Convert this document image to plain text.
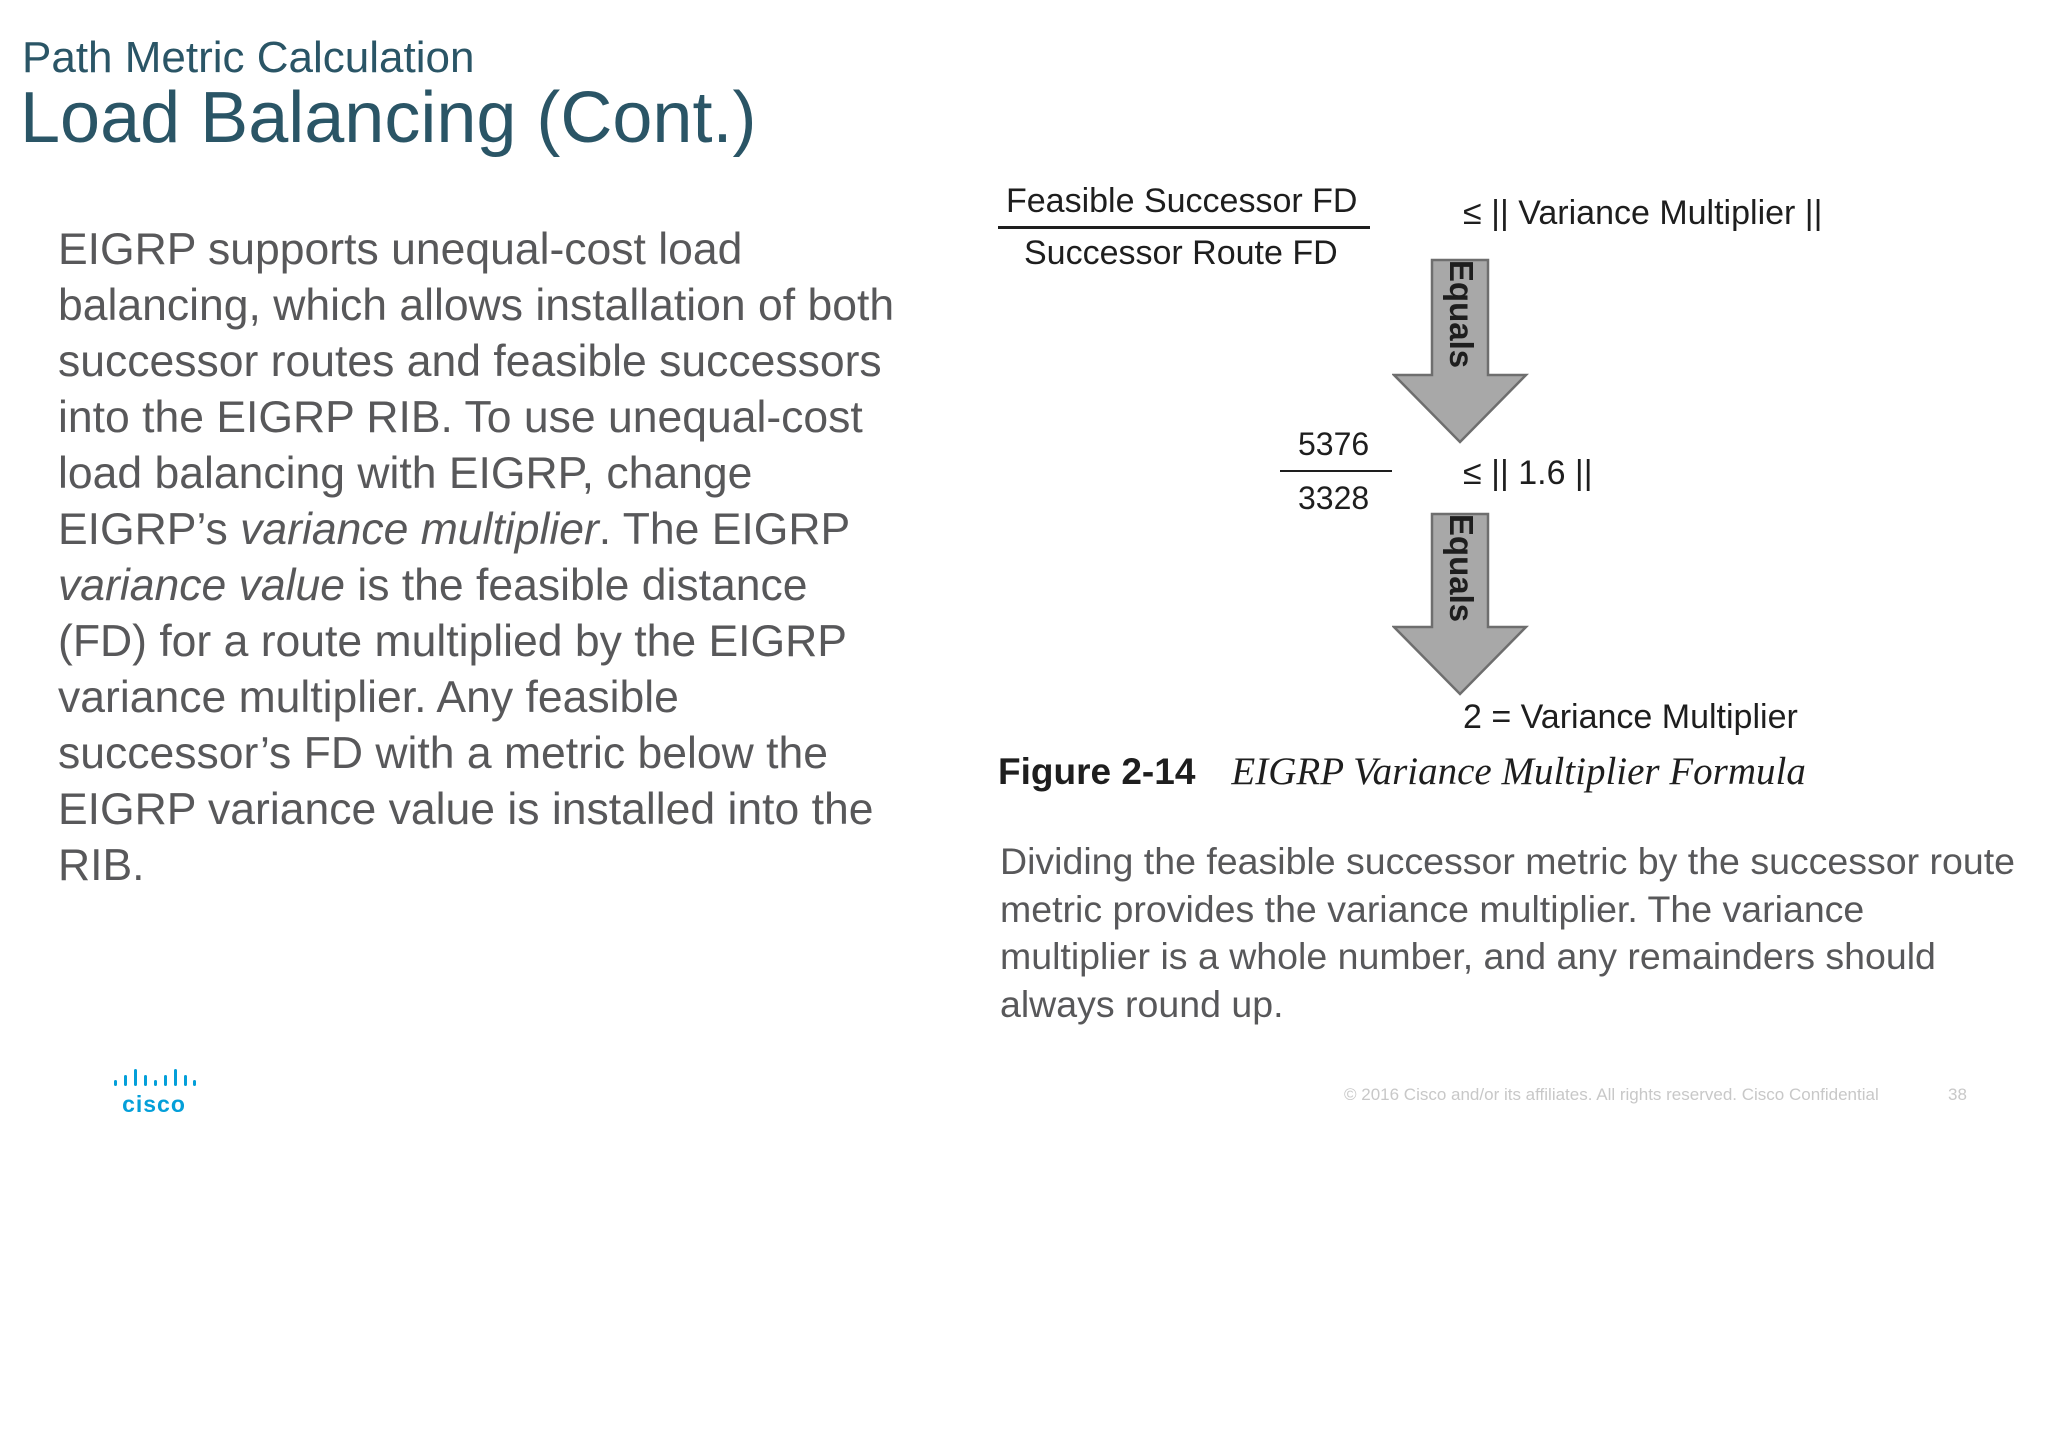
Path Metric Calculation
Load Balancing (Cont.)
EIGRP supports unequal-cost load balancing, which allows installation of both successor routes and feasible successors into the EIGRP RIB. To use unequal-cost load balancing with EIGRP, change EIGRP’s variance multiplier. The EIGRP variance value is the feasible distance (FD) for a route multiplied by the EIGRP variance multiplier. Any feasible successor’s FD with a metric below the EIGRP variance value is installed into the RIB.
Feasible Successor FD
Successor Route FD
≤ || Variance Multiplier ||
Equals
5376
3328
≤ || 1.6 ||
Equals
2 = Variance Multiplier
Figure 2-14 EIGRP Variance Multiplier Formula
Dividing the feasible successor metric by the successor route metric provides the variance multiplier. The variance multiplier is a whole number, and any remainders should always round up.
cisco	© 2016 Cisco and/or its affiliates. All rights reserved. Cisco Confidential	38
